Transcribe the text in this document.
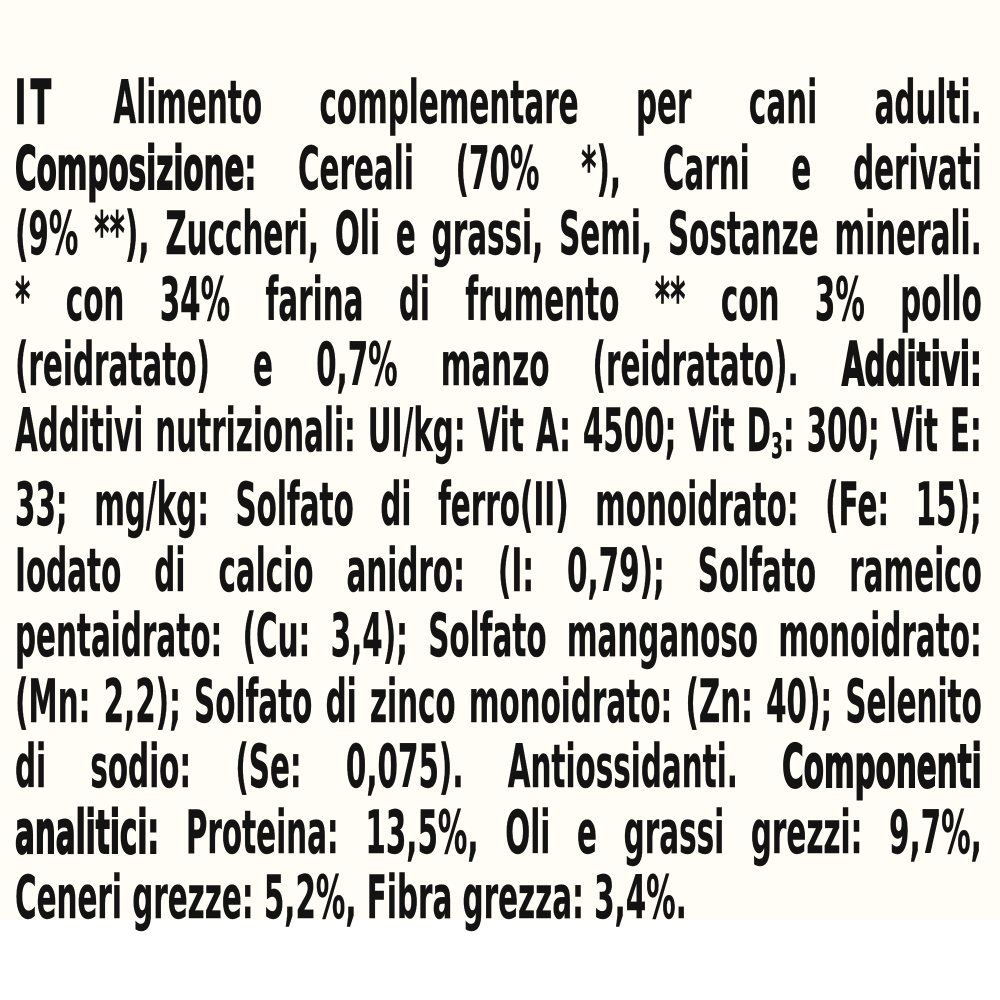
IT Alimento complementare per cani adulti.
Composizione: Cereali (70% *), Carni e derivati
(9% **), Zuccheri, Oli e grassi, Semi, Sostanze minerali.
* con 34% farina di frumento ** con 3% pollo
(reidratato) e 0,7% manzo (reidratato). Additivi:
Additivi nutrizionali: UI/kg: Vit A: 4500; Vit D3: 300; Vit E:
33; mg/kg: Solfato di ferro(II) monoidrato: (Fe: 15);
Iodato di calcio anidro: (I: 0,79); Solfato rameico
pentaidrato: (Cu: 3,4); Solfato manganoso monoidrato:
(Mn: 2,2); Solfato di zinco monoidrato: (Zn: 40); Selenito
di sodio: (Se: 0,075). Antiossidanti. Componenti
analitici: Proteina: 13,5%, Oli e grassi grezzi: 9,7%,
Ceneri grezze: 5,2%, Fibra grezza: 3,4%.
